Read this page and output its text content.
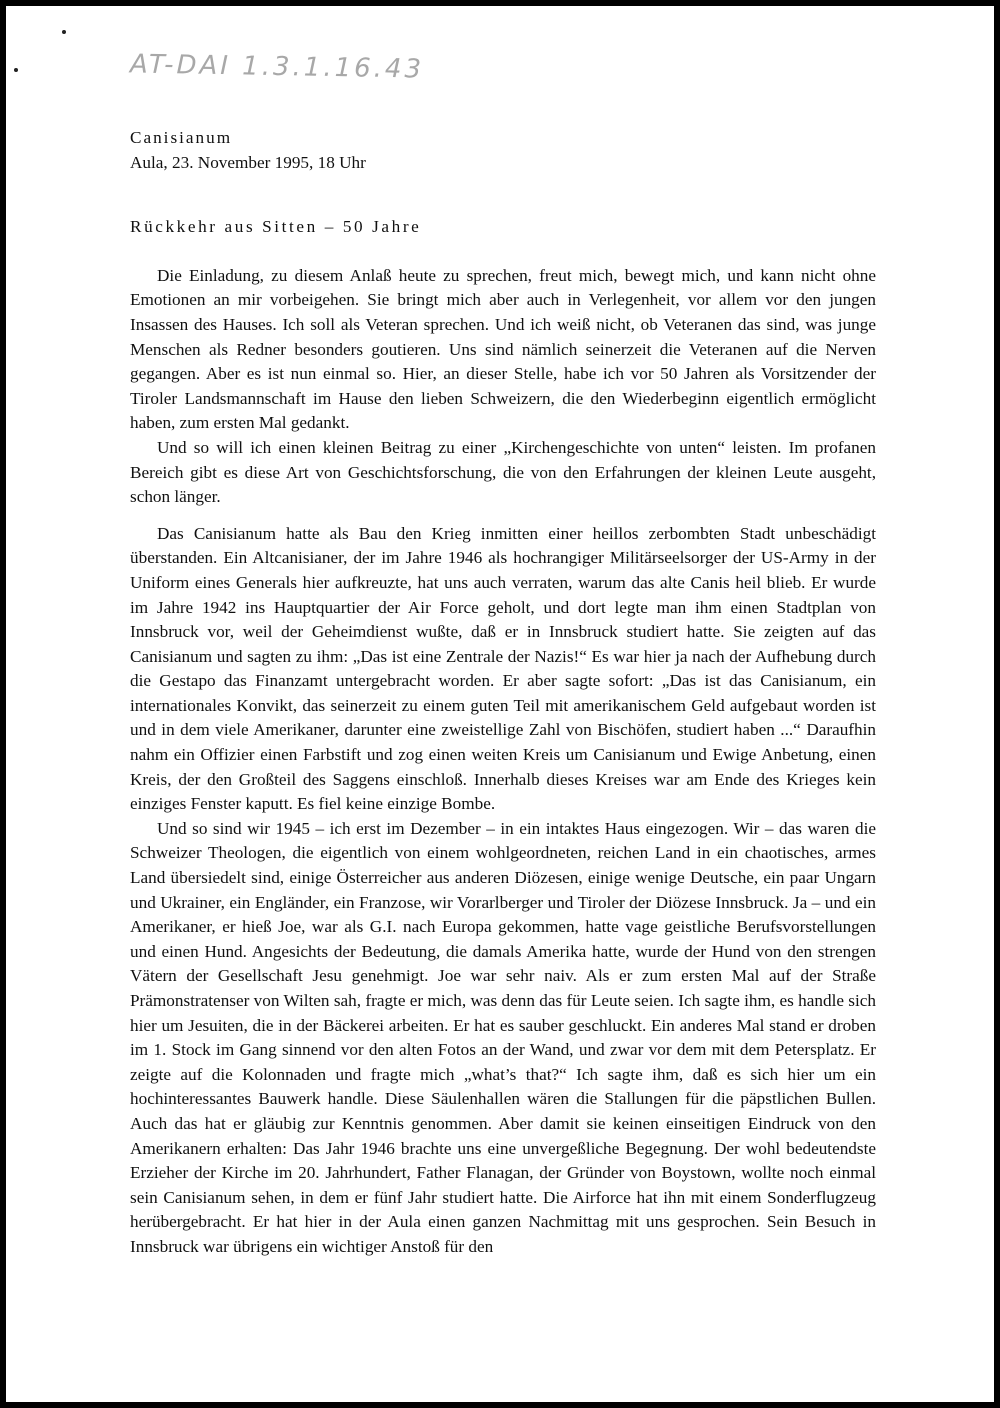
AT-DAI 1.3.1.16.43

Canisianum

Aula, 23. November 1995, 18 Uhr

Rückkehr aus Sitten – 50 Jahre

Die Einladung, zu diesem Anlaß heute zu sprechen, freut mich, bewegt mich, und kann nicht ohne Emotionen an mir vorbeigehen. Sie bringt mich aber auch in Verlegenheit, vor allem vor den jungen Insassen des Hauses. Ich soll als Veteran sprechen. Und ich weiß nicht, ob Veteranen das sind, was junge Menschen als Redner besonders goutieren. Uns sind nämlich seinerzeit die Veteranen auf die Nerven gegangen. Aber es ist nun einmal so. Hier, an dieser Stelle, habe ich vor 50 Jahren als Vorsitzender der Tiroler Landsmannschaft im Hause den lieben Schweizern, die den Wiederbeginn eigentlich ermöglicht haben, zum ersten Mal gedankt.

Und so will ich einen kleinen Beitrag zu einer „Kirchengeschichte von unten“ leisten. Im profanen Bereich gibt es diese Art von Geschichtsforschung, die von den Erfahrungen der kleinen Leute ausgeht, schon länger.

Das Canisianum hatte als Bau den Krieg inmitten einer heillos zerbombten Stadt unbeschädigt überstanden. Ein Altcanisianer, der im Jahre 1946 als hochrangiger Militärseelsorger der US-Army in der Uniform eines Generals hier aufkreuzte, hat uns auch verraten, warum das alte Canis heil blieb. Er wurde im Jahre 1942 ins Hauptquartier der Air Force geholt, und dort legte man ihm einen Stadtplan von Innsbruck vor, weil der Geheimdienst wußte, daß er in Innsbruck studiert hatte. Sie zeigten auf das Canisianum und sagten zu ihm: „Das ist eine Zentrale der Nazis!“ Es war hier ja nach der Aufhebung durch die Gestapo das Finanzamt untergebracht worden. Er aber sagte sofort: „Das ist das Canisianum, ein internationales Konvikt, das seinerzeit zu einem guten Teil mit amerikanischem Geld aufgebaut worden ist und in dem viele Amerikaner, darunter eine zweistellige Zahl von Bischöfen, studiert haben ...“ Daraufhin nahm ein Offizier einen Farbstift und zog einen weiten Kreis um Canisianum und Ewige Anbetung, einen Kreis, der den Großteil des Saggens einschloß. Innerhalb dieses Kreises war am Ende des Krieges kein einziges Fenster kaputt. Es fiel keine einzige Bombe.

Und so sind wir 1945 – ich erst im Dezember – in ein intaktes Haus eingezogen. Wir – das waren die Schweizer Theologen, die eigentlich von einem wohlgeordneten, reichen Land in ein chaotisches, armes Land übersiedelt sind, einige Österreicher aus anderen Diözesen, einige wenige Deutsche, ein paar Ungarn und Ukrainer, ein Engländer, ein Franzose, wir Vorarlberger und Tiroler der Diözese Innsbruck. Ja – und ein Amerikaner, er hieß Joe, war als G.I. nach Europa gekommen, hatte vage geistliche Berufsvorstellungen und einen Hund. Angesichts der Bedeutung, die damals Amerika hatte, wurde der Hund von den strengen Vätern der Gesellschaft Jesu genehmigt. Joe war sehr naiv. Als er zum ersten Mal auf der Straße Prämonstratenser von Wilten sah, fragte er mich, was denn das für Leute seien. Ich sagte ihm, es handle sich hier um Jesuiten, die in der Bäckerei arbeiten. Er hat es sauber geschluckt. Ein anderes Mal stand er droben im 1. Stock im Gang sinnend vor den alten Fotos an der Wand, und zwar vor dem mit dem Petersplatz. Er zeigte auf die Kolonnaden und fragte mich „what’s that?“ Ich sagte ihm, daß es sich hier um ein hochinteressantes Bauwerk handle. Diese Säulenhallen wären die Stallungen für die päpstlichen Bullen. Auch das hat er gläubig zur Kenntnis genommen. Aber damit sie keinen einseitigen Eindruck von den Amerikanern erhalten: Das Jahr 1946 brachte uns eine unvergeßliche Begegnung. Der wohl bedeutendste Erzieher der Kirche im 20. Jahrhundert, Father Flanagan, der Gründer von Boystown, wollte noch einmal sein Canisianum sehen, in dem er fünf Jahr studiert hatte. Die Airforce hat ihn mit einem Sonderflugzeug herübergebracht. Er hat hier in der Aula einen ganzen Nachmittag mit uns gesprochen. Sein Besuch in Innsbruck war übrigens ein wichtiger Anstoß für den
